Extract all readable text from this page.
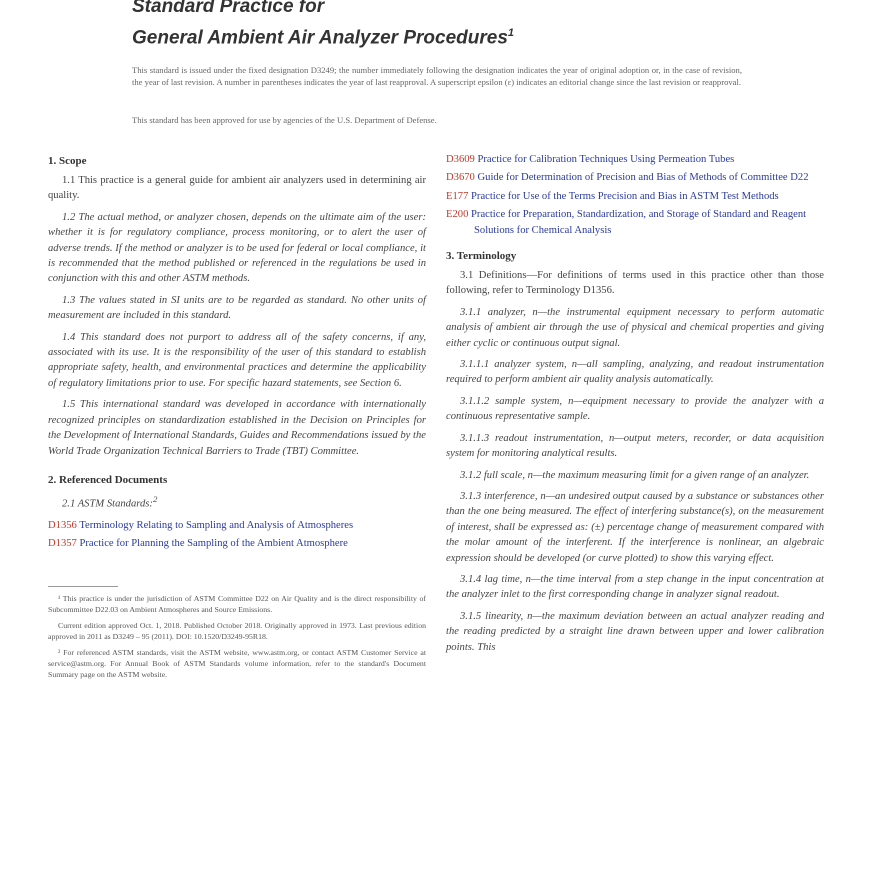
Standard Practice for
General Ambient Air Analyzer Procedures$^1$
This standard is issued under the fixed designation D3249; the number immediately following the designation indicates the year of original adoption or, in the case of revision, the year of last revision. A number in parentheses indicates the year of last reapproval. A superscript epsilon (ε) indicates an editorial change since the last revision or reapproval.
This standard has been approved for use by agencies of the U.S. Department of Defense.
1. Scope
1.1 This practice is a general guide for ambient air analyzers used in determining air quality.
1.2 The actual method, or analyzer chosen, depends on the ultimate aim of the user: whether it is for regulatory compliance, process monitoring, or to alert the user of adverse trends. If the method or analyzer is to be used for federal or local compliance, it is recommended that the method published or referenced in the regulations be used in conjunction with this and other ASTM methods.
1.3 The values stated in SI units are to be regarded as standard. No other units of measurement are included in this standard.
1.4 This standard does not purport to address all of the safety concerns, if any, associated with its use. It is the responsibility of the user of this standard to establish appropriate safety, health, and environmental practices and determine the applicability of regulatory limitations prior to use. For specific hazard statements, see Section 6.
1.5 This international standard was developed in accordance with internationally recognized principles on standardization established in the Decision on Principles for the Development of International Standards, Guides and Recommendations issued by the World Trade Organization Technical Barriers to Trade (TBT) Committee.
2. Referenced Documents
2.1 ASTM Standards:$^2$
D1356 Terminology Relating to Sampling and Analysis of Atmospheres
D1357 Practice for Planning the Sampling of the Ambient Atmosphere
¹ This practice is under the jurisdiction of ASTM Committee D22 on Air Quality and is the direct responsibility of Subcommittee D22.03 on Ambient Atmospheres and Source Emissions.
Current edition approved Oct. 1, 2018. Published October 2018. Originally approved in 1973. Last previous edition approved in 2011 as D3249 – 95 (2011). DOI: 10.1520/D3249-95R18.
² For referenced ASTM standards, visit the ASTM website, www.astm.org, or contact ASTM Customer Service at service@astm.org. For Annual Book of ASTM Standards volume information, refer to the standard's Document Summary page on the ASTM website.
D3609 Practice for Calibration Techniques Using Permeation Tubes
D3670 Guide for Determination of Precision and Bias of Methods of Committee D22
E177 Practice for Use of the Terms Precision and Bias in ASTM Test Methods
E200 Practice for Preparation, Standardization, and Storage of Standard and Reagent Solutions for Chemical Analysis
3. Terminology
3.1 Definitions—For definitions of terms used in this practice other than those following, refer to Terminology D1356.
3.1.1 analyzer, n—the instrumental equipment necessary to perform automatic analysis of ambient air through the use of physical and chemical properties and giving either cyclic or continuous output signal.
3.1.1.1 analyzer system, n—all sampling, analyzing, and readout instrumentation required to perform ambient air quality analysis automatically.
3.1.1.2 sample system, n—equipment necessary to provide the analyzer with a continuous representative sample.
3.1.1.3 readout instrumentation, n—output meters, recorder, or data acquisition system for monitoring analytical results.
3.1.2 full scale, n—the maximum measuring limit for a given range of an analyzer.
3.1.3 interference, n—an undesired output caused by a substance or substances other than the one being measured. The effect of interfering substance(s), on the measurement of interest, shall be expressed as: (±) percentage change of measurement compared with the molar amount of the interferent. If the interference is nonlinear, an algebraic expression should be developed (or curve plotted) to show this varying effect.
3.1.4 lag time, n—the time interval from a step change in the input concentration at the analyzer inlet to the first corresponding change in analyzer signal readout.
3.1.5 linearity, n—the maximum deviation between an actual analyzer reading and the reading predicted by a straight line drawn between upper and lower calibration points. This
